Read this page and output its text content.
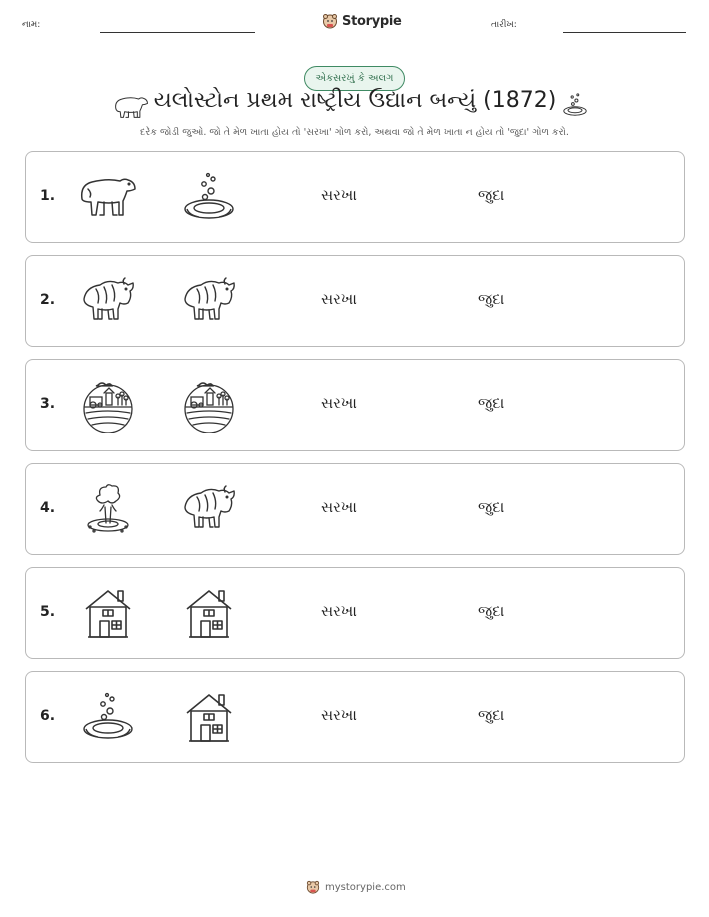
નામ:	Storypie	તારીખ:
એકસરખું કે અલગ
યલોસ્ટોન પ્રથમ રાષ્ટ્રીય ઉદ્યાન બન્યું (1872)
દરેક જોડી જુઓ. જો તે મેળ ખાતા હોય તો 'સરખા' ગોળ કરો, અથવા જો તે મેળ ખાતા ન હોય તો 'જુદા' ગોળ કરો.
1.	સરખા	જુદા
2.	સરખા	જુદા
3.	સરખા	જુદા
4.	સરખા	જુદા
5.	સરખા	જુદા
6.	સરખા	જુદા
mystorypie.com
